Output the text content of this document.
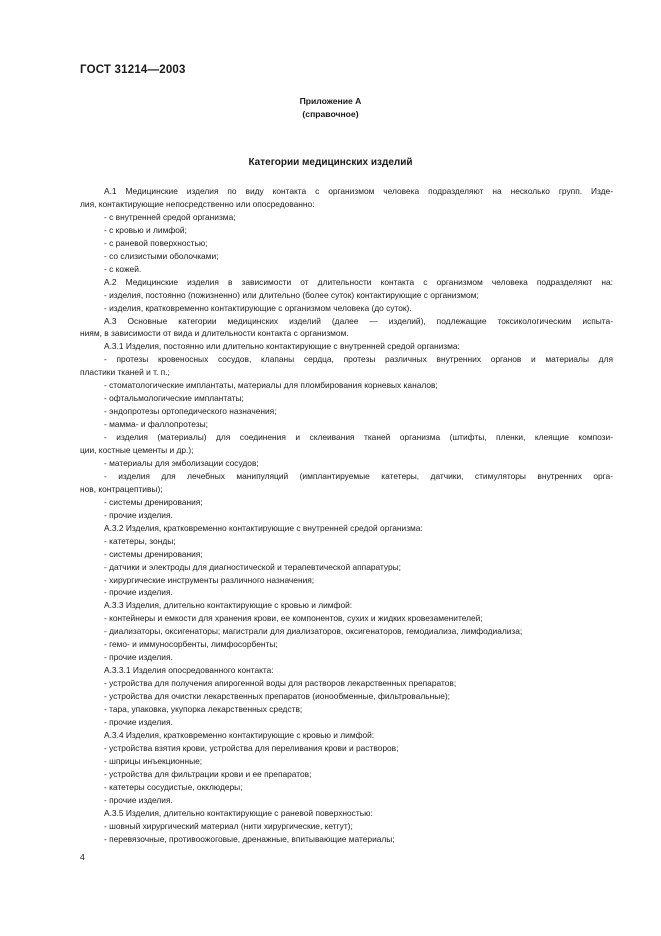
ГОСТ 31214—2003
Приложение А
(справочное)
Категории медицинских изделий
А.1 Медицинские изделия по виду контакта с организмом человека подразделяют на несколько групп. Изде-
лия, контактирующие непосредственно или опосредованно:
- с внутренней средой организма;
- с кровью и лимфой;
- с раневой поверхностью;
- со слизистыми оболочками;
- с кожей.
А.2 Медицинские изделия в зависимости от длительности контакта с организмом человека подразделяют на:
- изделия, постоянно (пожизненно) или длительно (более суток) контактирующие с организмом;
- изделия, кратковременно контактирующие с организмом человека (до суток).
А.3 Основные категории медицинских изделий (далее — изделий), подлежащие токсикологическим испыта-
ниям, в зависимости от вида и длительности контакта с организмом.
А.3.1 Изделия, постоянно или длительно контактирующие с внутренней средой организма:
- протезы кровеносных сосудов, клапаны сердца, протезы различных внутренних органов и материалы для
пластики тканей и т. п.;
- стоматологические имплантаты, материалы для пломбирования корневых каналов;
- офтальмологические имплантаты;
- эндопротезы ортопедического назначения;
- мамма- и фаллопротезы;
- изделия (материалы) для соединения и склеивания тканей организма (штифты, пленки, клеящие компози-
ции, костные цементы и др.);
- материалы для эмболизации сосудов;
- изделия для лечебных манипуляций (имплантируемые катетеры, датчики, стимуляторы внутренних орга-
нов, контрацептивы);
- системы дренирования;
- прочие изделия.
А.3.2 Изделия, кратковременно контактирующие с внутренней средой организма:
- катетеры, зонды;
- системы дренирования;
- датчики и электроды для диагностической и терапевтической аппаратуры;
- хирургические инструменты различного назначения;
- прочие изделия.
А.3.3 Изделия, длительно контактирующие с кровью и лимфой:
- контейнеры и емкости для хранения крови, ее компонентов, сухих и жидких кровезаменителей;
- диализаторы, оксигенаторы; магистрали для диализаторов, оксигенаторов, гемодиализа, лимфодиализа;
- гемо- и иммуносорбенты, лимфосорбенты;
- прочие изделия.
А.3.3.1 Изделия опосредованного контакта:
- устройства для получения апирогенной воды для растворов лекарственных препаратов;
- устройства для очистки лекарственных препаратов (ионообменные, фильтровальные);
- тара, упаковка, укупорка лекарственных средств;
- прочие изделия.
А.3.4 Изделия, кратковременно контактирующие с кровью и лимфой:
- устройства взятия крови, устройства для переливания крови и растворов;
- шприцы инъекционные;
- устройства для фильтрации крови и ее препаратов;
- катетеры сосудистые, окклюдеры;
- прочие изделия.
А.3.5 Изделия, длительно контактирующие с раневой поверхностью:
- шовный хирургический материал (нити хирургические, кетгут);
- перевязочные, противоожоговые, дренажные, впитывающие материалы;
4
